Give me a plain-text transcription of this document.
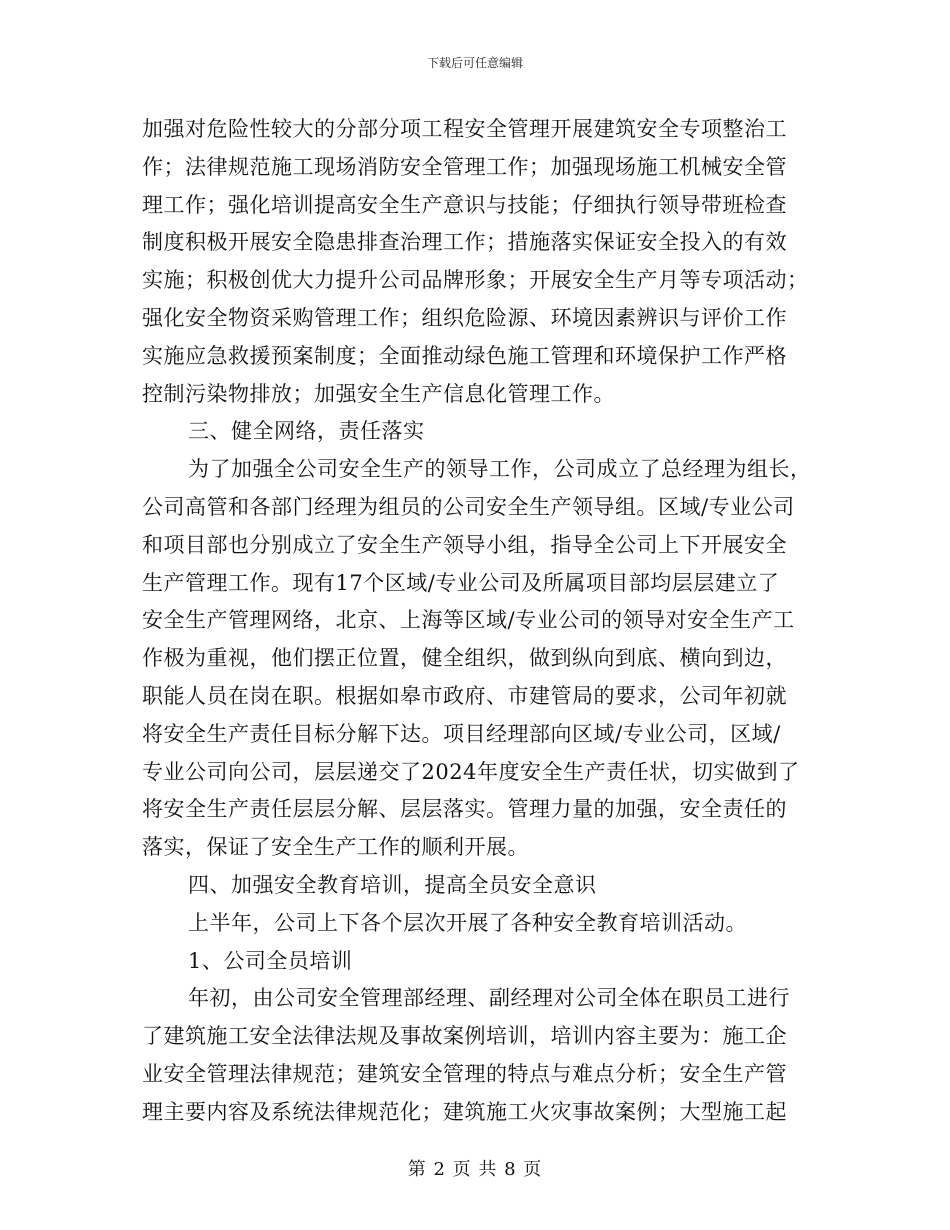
下载后可任意编辑
加强对危险性较大的分部分项工程安全管理开展建筑安全专项整治工
作；法律规范施工现场消防安全管理工作；加强现场施工机械安全管
理工作；强化培训提高安全生产意识与技能；仔细执行领导带班检查
制度积极开展安全隐患排查治理工作；措施落实保证安全投入的有效
实施；积极创优大力提升公司品牌形象；开展安全生产月等专项活动；
强化安全物资采购管理工作；组织危险源、环境因素辨识与评价工作
实施应急救援预案制度；全面推动绿色施工管理和环境保护工作严格
控制污染物排放；加强安全生产信息化管理工作。
三、健全网络，责任落实
为了加强全公司安全生产的领导工作，公司成立了总经理为组长，
公司高管和各部门经理为组员的公司安全生产领导组。区域/专业公司
和项目部也分别成立了安全生产领导小组，指导全公司上下开展安全
生产管理工作。现有17个区域/专业公司及所属项目部均层层建立了
安全生产管理网络，北京、上海等区域/专业公司的领导对安全生产工
作极为重视，他们摆正位置，健全组织，做到纵向到底、横向到边，
职能人员在岗在职。根据如皋市政府、市建管局的要求，公司年初就
将安全生产责任目标分解下达。项目经理部向区域/专业公司，区域/
专业公司向公司，层层递交了2024年度安全生产责任状，切实做到了
将安全生产责任层层分解、层层落实。管理力量的加强，安全责任的
落实，保证了安全生产工作的顺利开展。
四、加强安全教育培训，提高全员安全意识
上半年，公司上下各个层次开展了各种安全教育培训活动。
1、公司全员培训
年初，由公司安全管理部经理、副经理对公司全体在职员工进行
了建筑施工安全法律法规及事故案例培训，培训内容主要为：施工企
业安全管理法律规范；建筑安全管理的特点与难点分析；安全生产管
理主要内容及系统法律规范化；建筑施工火灾事故案例；大型施工起
第 2 页 共 8 页
